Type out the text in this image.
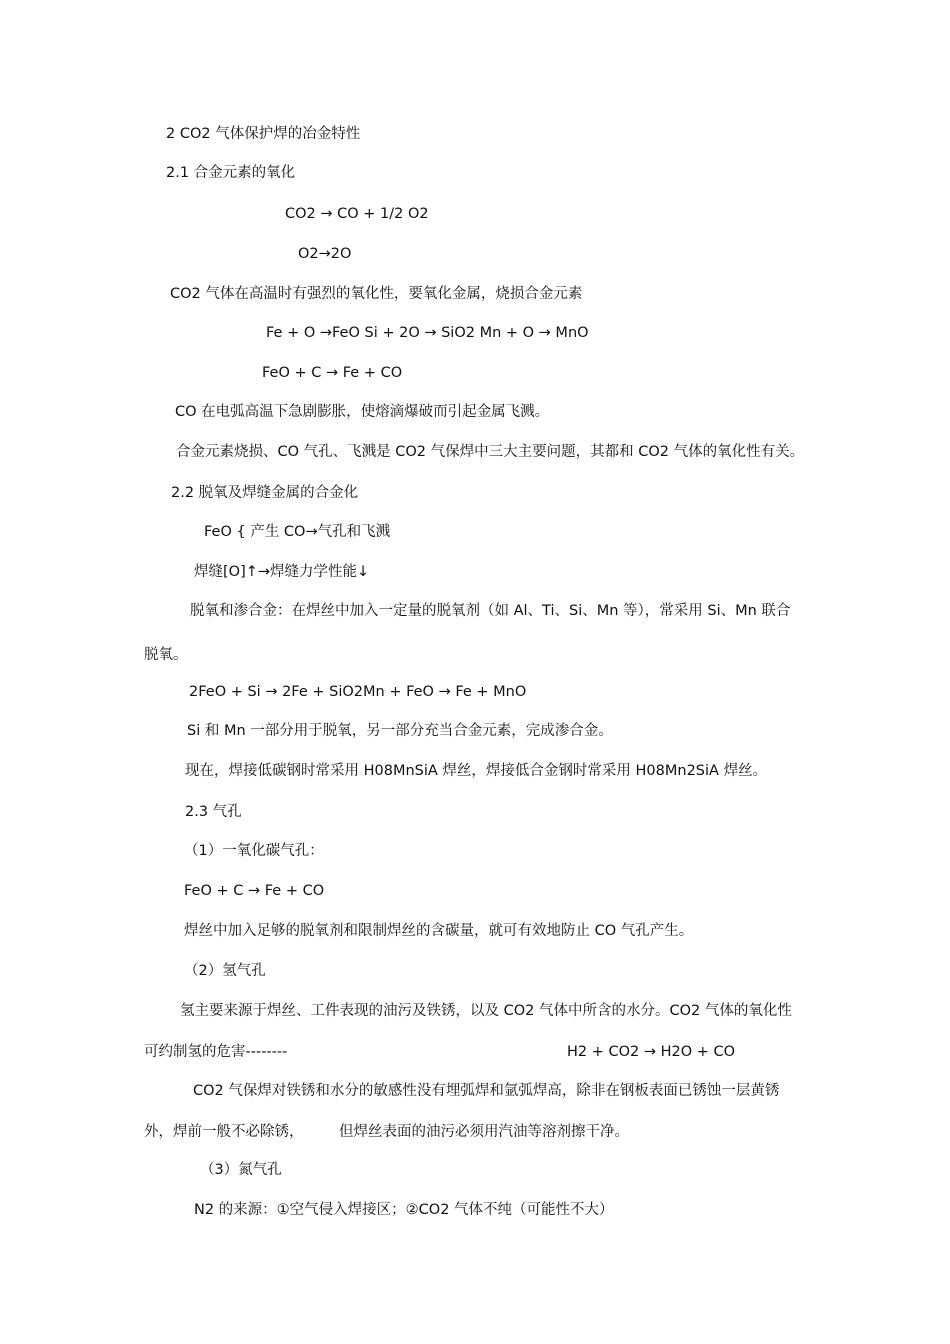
2 CO2 气体保护焊的冶金特性
2.1 合金元素的氧化
CO2 → CO + 1/2 O2
O2→2O
CO2 气体在高温时有强烈的氧化性，要氧化金属，烧损合金元素
Fe + O →FeO Si + 2O → SiO2 Mn + O → MnO
FeO + C → Fe + CO
CO 在电弧高温下急剧膨胀，使熔滴爆破而引起金属飞溅。
合金元素烧损、CO 气孔、飞溅是 CO2 气保焊中三大主要问题，其都和 CO2 气体的氧化性有关。
2.2 脱氧及焊缝金属的合金化
FeO { 产生 CO→气孔和飞溅
焊缝[O]↑→焊缝力学性能↓
脱氧和渗合金：在焊丝中加入一定量的脱氧剂（如 Al、Ti、Si、Mn 等），常采用 Si、Mn 联合
脱氧。
2FeO + Si → 2Fe + SiO2Mn + FeO → Fe + MnO
Si 和 Mn 一部分用于脱氧，另一部分充当合金元素，完成渗合金。
现在，焊接低碳钢时常采用 H08MnSiA 焊丝，焊接低合金钢时常采用 H08Mn2SiA 焊丝。
2.3 气孔
（1）一氧化碳气孔：
FeO + C → Fe + CO
焊丝中加入足够的脱氧剂和限制焊丝的含碳量，就可有效地防止 CO 气孔产生。
（2）氢气孔
氢主要来源于焊丝、工件表现的油污及铁锈，以及 CO2 气体中所含的水分。CO2 气体的氧化性
可约制氢的危害--------	H2 + CO2 → H2O + CO
CO2 气保焊对铁锈和水分的敏感性没有埋弧焊和氩弧焊高，除非在钢板表面已锈蚀一层黄锈
外，焊前一般不必除锈， 但焊丝表面的油污必须用汽油等溶剂擦干净。
（3）氮气孔
N2 的来源：①空气侵入焊接区；②CO2 气体不纯（可能性不大）
